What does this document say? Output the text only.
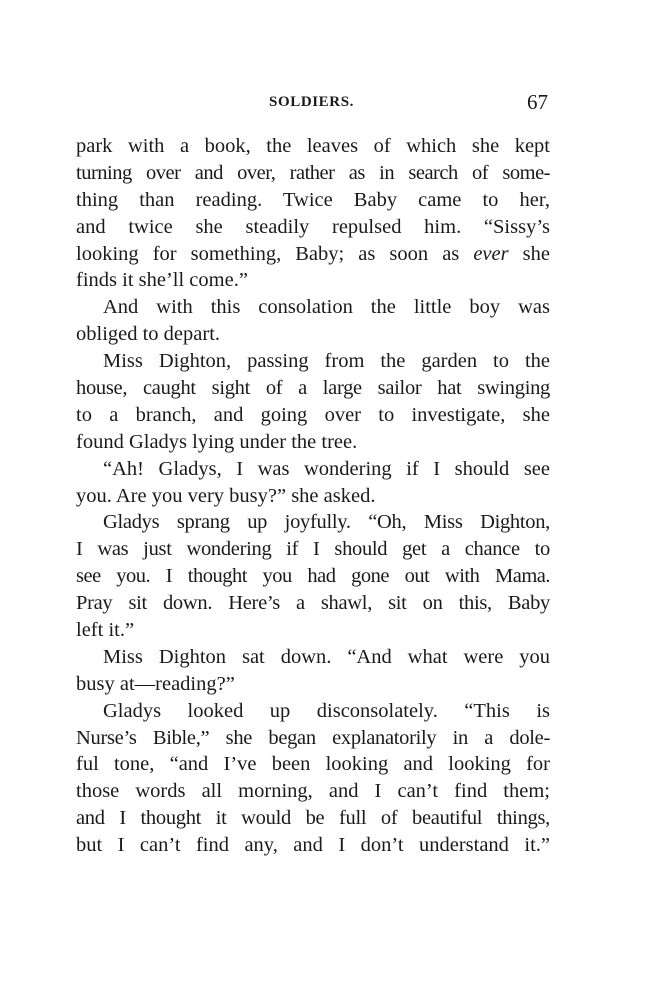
SOLDIERS.	67
park with a book, the leaves of which she kept
turning over and over, rather as in search of some-
thing than reading. Twice Baby came to her,
and twice she steadily repulsed him. “Sissy’s
looking for something, Baby; as soon as ever she
finds it she’ll come.”
And with this consolation the little boy was
obliged to depart.
Miss Dighton, passing from the garden to the
house, caught sight of a large sailor hat swinging
to a branch, and going over to investigate, she
found Gladys lying under the tree.
“Ah! Gladys, I was wondering if I should see
you. Are you very busy?” she asked.
Gladys sprang up joyfully. “Oh, Miss Dighton,
I was just wondering if I should get a chance to
see you. I thought you had gone out with Mama.
Pray sit down. Here’s a shawl, sit on this, Baby
left it.”
Miss Dighton sat down. “And what were you
busy at—reading?”
Gladys looked up disconsolately. “This is
Nurse’s Bible,” she began explanatorily in a dole-
ful tone, “and I’ve been looking and looking for
those words all morning, and I can’t find them;
and I thought it would be full of beautiful things,
but I can’t find any, and I don’t understand it.”
